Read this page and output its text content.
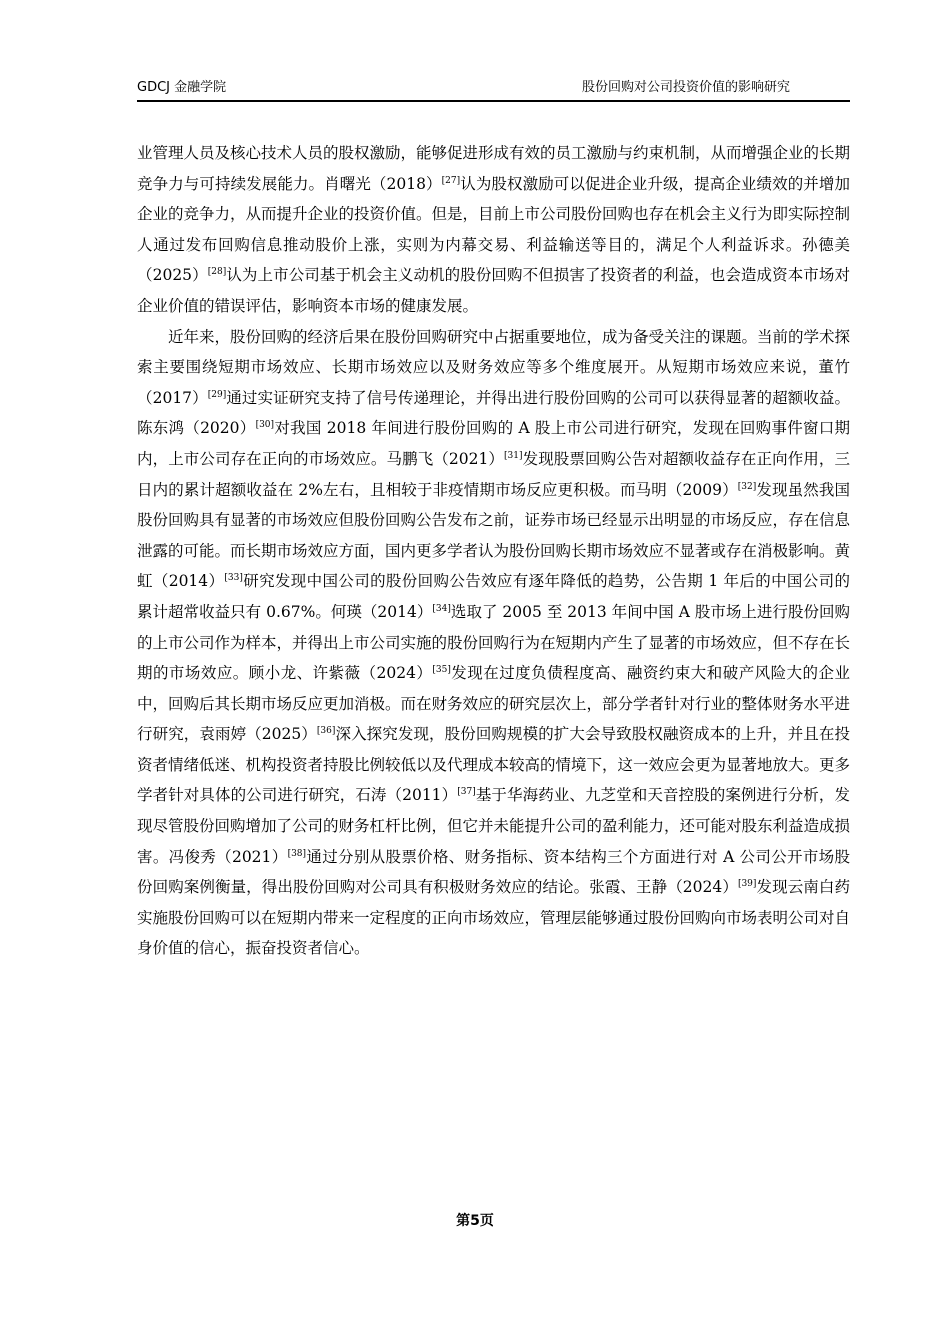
GDCJ 金融学院	股份回购对公司投资价值的影响研究

业管理人员及核心技术人员的股权激励，能够促进形成有效的员工激励与约束机制，从而增强企业的长期竞争力与可持续发展能力。肖曙光（2018）[27]认为股权激励可以促进企业升级，提高企业绩效的并增加企业的竞争力，从而提升企业的投资价值。但是，目前上市公司股份回购也存在机会主义行为即实际控制人通过发布回购信息推动股价上涨，实则为内幕交易、利益输送等目的，满足个人利益诉求。孙德美（2025）[28]认为上市公司基于机会主义动机的股份回购不但损害了投资者的利益，也会造成资本市场对企业价值的错误评估，影响资本市场的健康发展。

近年来，股份回购的经济后果在股份回购研究中占据重要地位，成为备受关注的课题。当前的学术探索主要围绕短期市场效应、长期市场效应以及财务效应等多个维度展开。从短期市场效应来说，董竹（2017）[29]通过实证研究支持了信号传递理论，并得出进行股份回购的公司可以获得显著的超额收益。陈东鸿（2020）[30]对我国 2018 年间进行股份回购的 A 股上市公司进行研究，发现在回购事件窗口期内，上市公司存在正向的市场效应。马鹏飞（2021）[31]发现股票回购公告对超额收益存在正向作用，三日内的累计超额收益在 2%左右，且相较于非疫情期市场反应更积极。而马明（2009）[32]发现虽然我国股份回购具有显著的市场效应但股份回购公告发布之前，证券市场已经显示出明显的市场反应，存在信息泄露的可能。而长期市场效应方面，国内更多学者认为股份回购长期市场效应不显著或存在消极影响。黄虹（2014）[33]研究发现中国公司的股份回购公告效应有逐年降低的趋势，公告期 1 年后的中国公司的累计超常收益只有 0.67%。何瑛（2014）[34]选取了 2005 至 2013 年间中国 A 股市场上进行股份回购的上市公司作为样本，并得出上市公司实施的股份回购行为在短期内产生了显著的市场效应，但不存在长期的市场效应。顾小龙、许紫薇（2024）[35]发现在过度负债程度高、融资约束大和破产风险大的企业中，回购后其长期市场反应更加消极。而在财务效应的研究层次上，部分学者针对行业的整体财务水平进行研究，袁雨婷（2025）[36]深入探究发现，股份回购规模的扩大会导致股权融资成本的上升，并且在投资者情绪低迷、机构投资者持股比例较低以及代理成本较高的情境下，这一效应会更为显著地放大。更多学者针对具体的公司进行研究，石涛（2011）[37]基于华海药业、九芝堂和天音控股的案例进行分析，发现尽管股份回购增加了公司的财务杠杆比例，但它并未能提升公司的盈利能力，还可能对股东利益造成损害。冯俊秀（2021）[38]通过分别从股票价格、财务指标、资本结构三个方面进行对 A 公司公开市场股份回购案例衡量，得出股份回购对公司具有积极财务效应的结论。张霞、王静（2024）[39]发现云南白药实施股份回购可以在短期内带来一定程度的正向市场效应，管理层能够通过股份回购向市场表明公司对自身价值的信心，振奋投资者信心。

第5页
